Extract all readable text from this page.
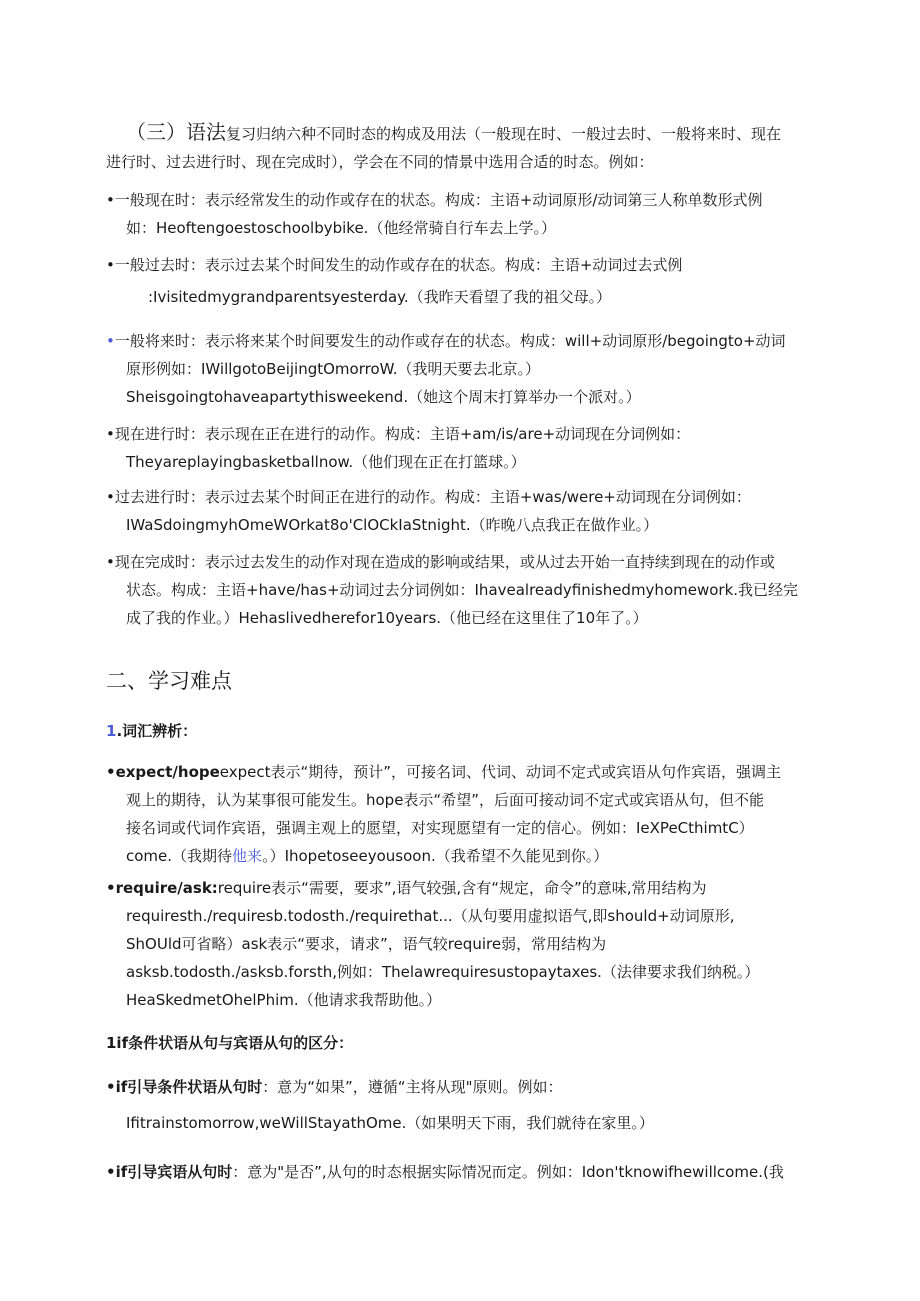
（三）语法复习归纳六种不同时态的构成及用法（一般现在时、一般过去时、一般将来时、现在
进行时、过去进行时、现在完成时），学会在不同的情景中选用合适的时态。例如：
•一般现在时：表示经常发生的动作或存在的状态。构成：主语+动词原形/动词第三人称单数形式例
如：Heoftengoestoschoolbybike.（他经常骑自行车去上学。）
•一般过去时：表示过去某个时间发生的动作或存在的状态。构成：主语+动词过去式例
:Ivisitedmygrandparentsyesterday.（我昨天看望了我的祖父母。）
•一般将来时：表示将来某个时间要发生的动作或存在的状态。构成：will+动词原形/begoingto+动词
原形例如：IWillgotoBeijingtOmorroW.（我明天要去北京。）
Sheisgoingtohaveapartythisweekend.（她这个周末打算举办一个派对。）
•现在进行时：表示现在正在进行的动作。构成：主语+am/is/are+动词现在分词例如：
Theyareplayingbasketballnow.（他们现在正在打篮球。）
•过去进行时：表示过去某个时间正在进行的动作。构成：主语+was/were+动词现在分词例如：
IWaSdoingmyhOmeWOrkat8o'ClOCkIaStnight.（昨晚八点我正在做作业。）
•现在完成时：表示过去发生的动作对现在造成的影响或结果，或从过去开始一直持续到现在的动作或
状态。构成：主语+have/has+动词过去分词例如：Ihavealreadyfinishedmyhomework.我已经完
成了我的作业。）Hehaslivedherefor10years.（他已经在这里住了10年了。）
二、学习难点
1.词汇辨析：
•expect/hopeexpect表示“期待，预计”，可接名词、代词、动词不定式或宾语从句作宾语，强调主
观上的期待，认为某事很可能发生。hope表示“希望”，后面可接动词不定式或宾语从句，但不能
接名词或代词作宾语，强调主观上的愿望，对实现愿望有一定的信心。例如：IeXPeCthimtC）
come.（我期待他来。）Ihopetoseeyousoon.（我希望不久能见到你。）
•require/ask:require表示“需要，要求”,语气较强,含有“规定，命令”的意味,常用结构为
requiresth./requiresb.todosth./requirethat...（从句要用虚拟语气,即should+动词原形,
ShOUld可省略）ask表示“要求，请求”，语气较require弱，常用结构为
asksb.todosth./asksb.forsth,例如：Thelawrequiresustopaytaxes.（法律要求我们纳税。）
HeaSkedmetOhelPhim.（他请求我帮助他。）
1if条件状语从句与宾语从句的区分：
•if引导条件状语从句时：意为“如果”，遵循“主将从现"原则。例如：
Ifitrainstomorrow,weWillStayathOme.（如果明天下雨，我们就待在家里。）
•if引导宾语从句时：意为"是否”,从句的时态根据实际情况而定。例如：Idon'tknowifhewillcome.(我
